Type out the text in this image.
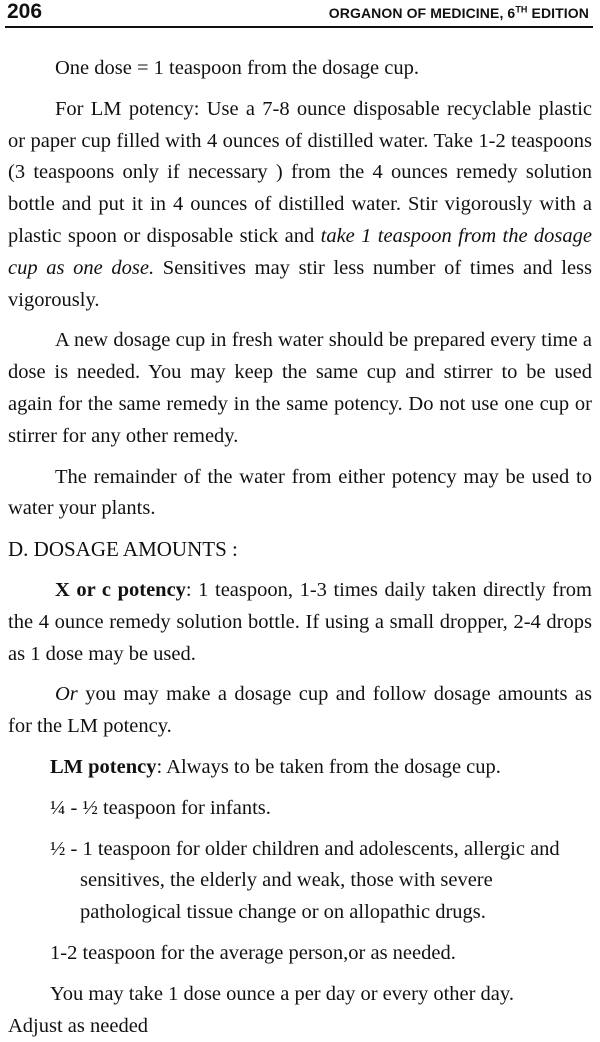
206	ORGANON OF MEDICINE, 6TH EDITION

One dose = 1 teaspoon from the dosage cup.

For LM potency: Use a 7-8 ounce disposable recyclable plastic or paper cup filled with 4 ounces of distilled water. Take 1-2 teaspoons (3 teaspoons only if necessary ) from the 4 ounces remedy solution bottle and put it in 4 ounces of distilled water. Stir vigorously with a plastic spoon or disposable stick and take 1 teaspoon from the dosage cup as one dose. Sensitives may stir less number of times and less vigorously.

A new dosage cup in fresh water should be prepared every time a dose is needed. You may keep the same cup and stirrer to be used again for the same remedy in the same potency. Do not use one cup or stirrer for any other remedy.

The remainder of the water from either potency may be used to water your plants.

D. DOSAGE AMOUNTS :

X or c potency: 1 teaspoon, 1-3 times daily taken directly from the 4 ounce remedy solution bottle. If using a small dropper, 2-4 drops as 1 dose may be used.

Or you may make a dosage cup and follow dosage amounts as for the LM potency.

LM potency: Always to be taken from the dosage cup.

¼ - ½ teaspoon for infants.

½ - 1 teaspoon for older children and adolescents, allergic and sensitives, the elderly and weak, those with severe pathological tissue change or on allopathic drugs.

1-2 teaspoon for the average person,or as needed.

You may take 1 dose ounce a per day or every other day.

Adjust as needed
